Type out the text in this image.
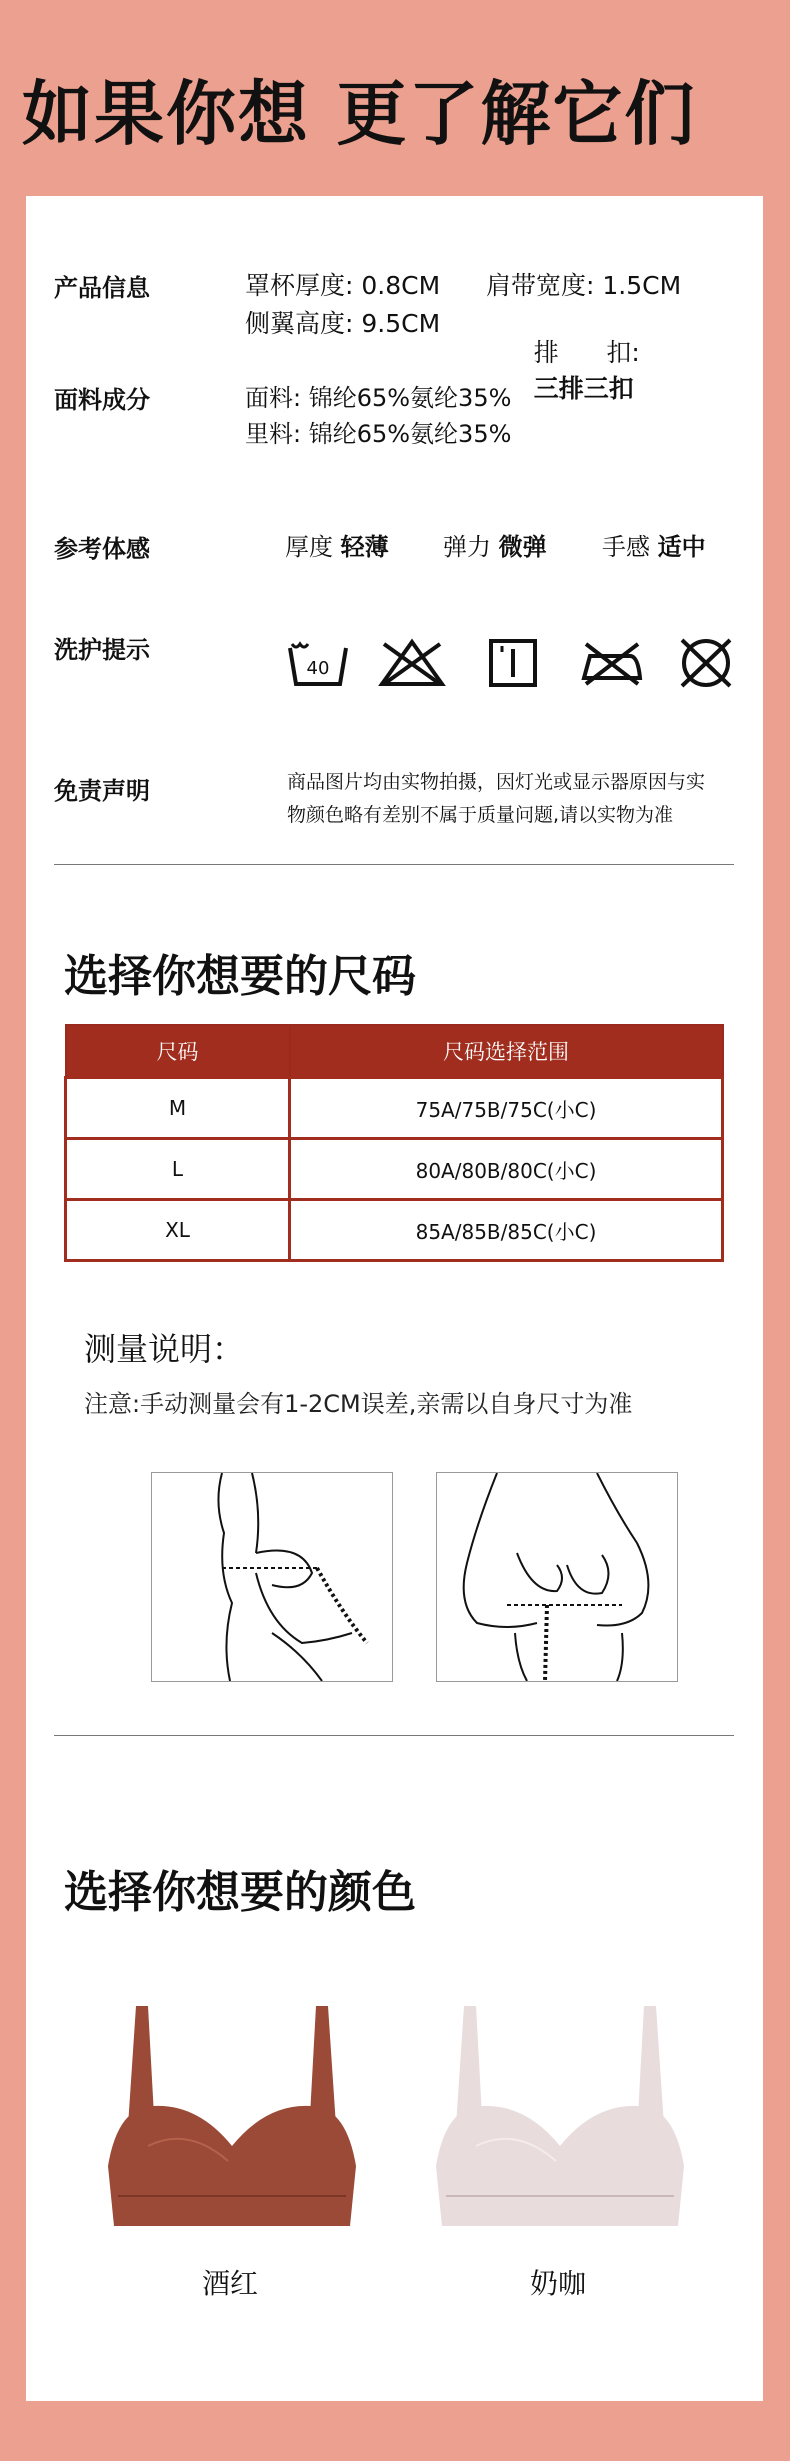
如果你想 更了解它们
产品信息	罩杯厚度: 0.8CM 肩带宽度: 1.5CM
侧翼高度: 9.5CM

排      扣:
三排三扣

面料成分	面料: 锦纶65%氨纶35%
里料: 锦纶65%氨纶35%
参考体感	厚度 轻薄 弹力 微弹 手感 适中
洗护提示
40
免责声明	商品图片均由实物拍摄，因灯光或显示器原因与实
物颜色略有差别不属于质量问题,请以实物为准
选择你想要的尺码
尺码	尺码选择范围
M	75A/75B/75C(小C)
L	80A/80B/80C(小C)
XL	85A/85B/85C(小C)
测量说明：
注意:手动测量会有1-2CM误差,亲需以自身尺寸为准
选择你想要的颜色
酒红	奶咖
